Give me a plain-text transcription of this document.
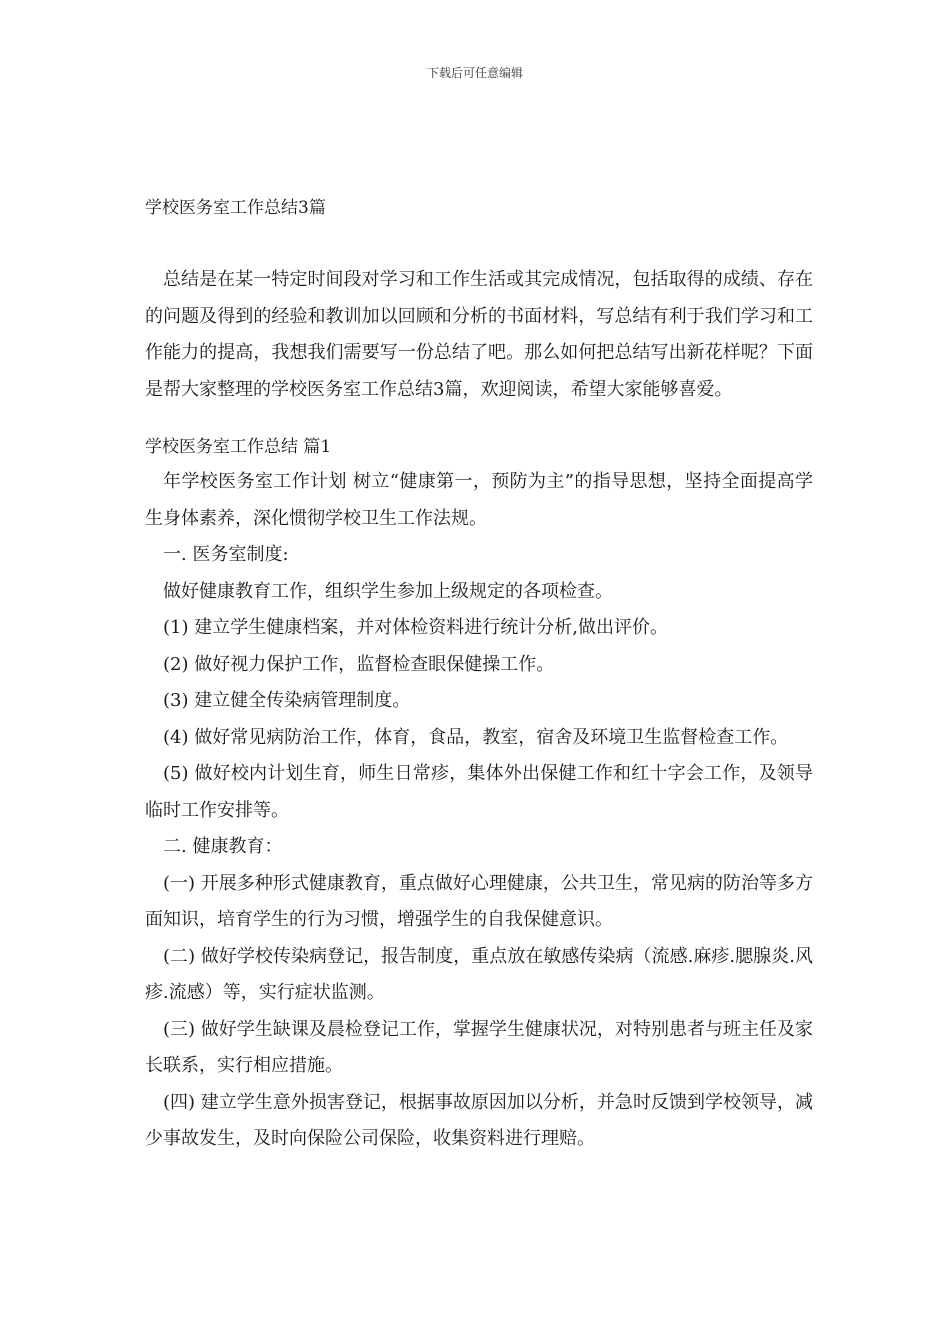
下载后可任意编辑
学校医务室工作总结3篇

总结是在某一特定时间段对学习和工作生活或其完成情况，包括取得的成绩、存在的问题及得到的经验和教训加以回顾和分析的书面材料，写总结有利于我们学习和工作能力的提高，我想我们需要写一份总结了吧。那么如何把总结写出新花样呢？下面是帮大家整理的学校医务室工作总结3篇，欢迎阅读，希望大家能够喜爱。

学校医务室工作总结 篇1

年学校医务室工作计划 树立“健康第一，预防为主”的指导思想，坚持全面提高学生身体素养，深化惯彻学校卫生工作法规。

一. 医务室制度:

做好健康教育工作，组织学生参加上级规定的各项检查。

(1) 建立学生健康档案，并对体检资料进行统计分析,做出评价。

(2) 做好视力保护工作，监督检查眼保健操工作。

(3) 建立健全传染病管理制度。

(4) 做好常见病防治工作，体育，食品，教室，宿舍及环境卫生监督检查工作。

(5) 做好校内计划生育，师生日常疹，集体外出保健工作和红十字会工作，及领导临时工作安排等。

二. 健康教育：

(一) 开展多种形式健康教育，重点做好心理健康，公共卫生，常见病的防治等多方面知识，培育学生的行为习惯，增强学生的自我保健意识。

(二) 做好学校传染病登记，报告制度，重点放在敏感传染病（流感.麻疹.腮腺炎.风疹.流感）等，实行症状监测。

(三) 做好学生缺课及晨检登记工作，掌握学生健康状况，对特别患者与班主任及家长联系，实行相应措施。

(四) 建立学生意外损害登记，根据事故原因加以分析，并急时反馈到学校领导，减少事故发生，及时向保险公司保险，收集资料进行理赔。
